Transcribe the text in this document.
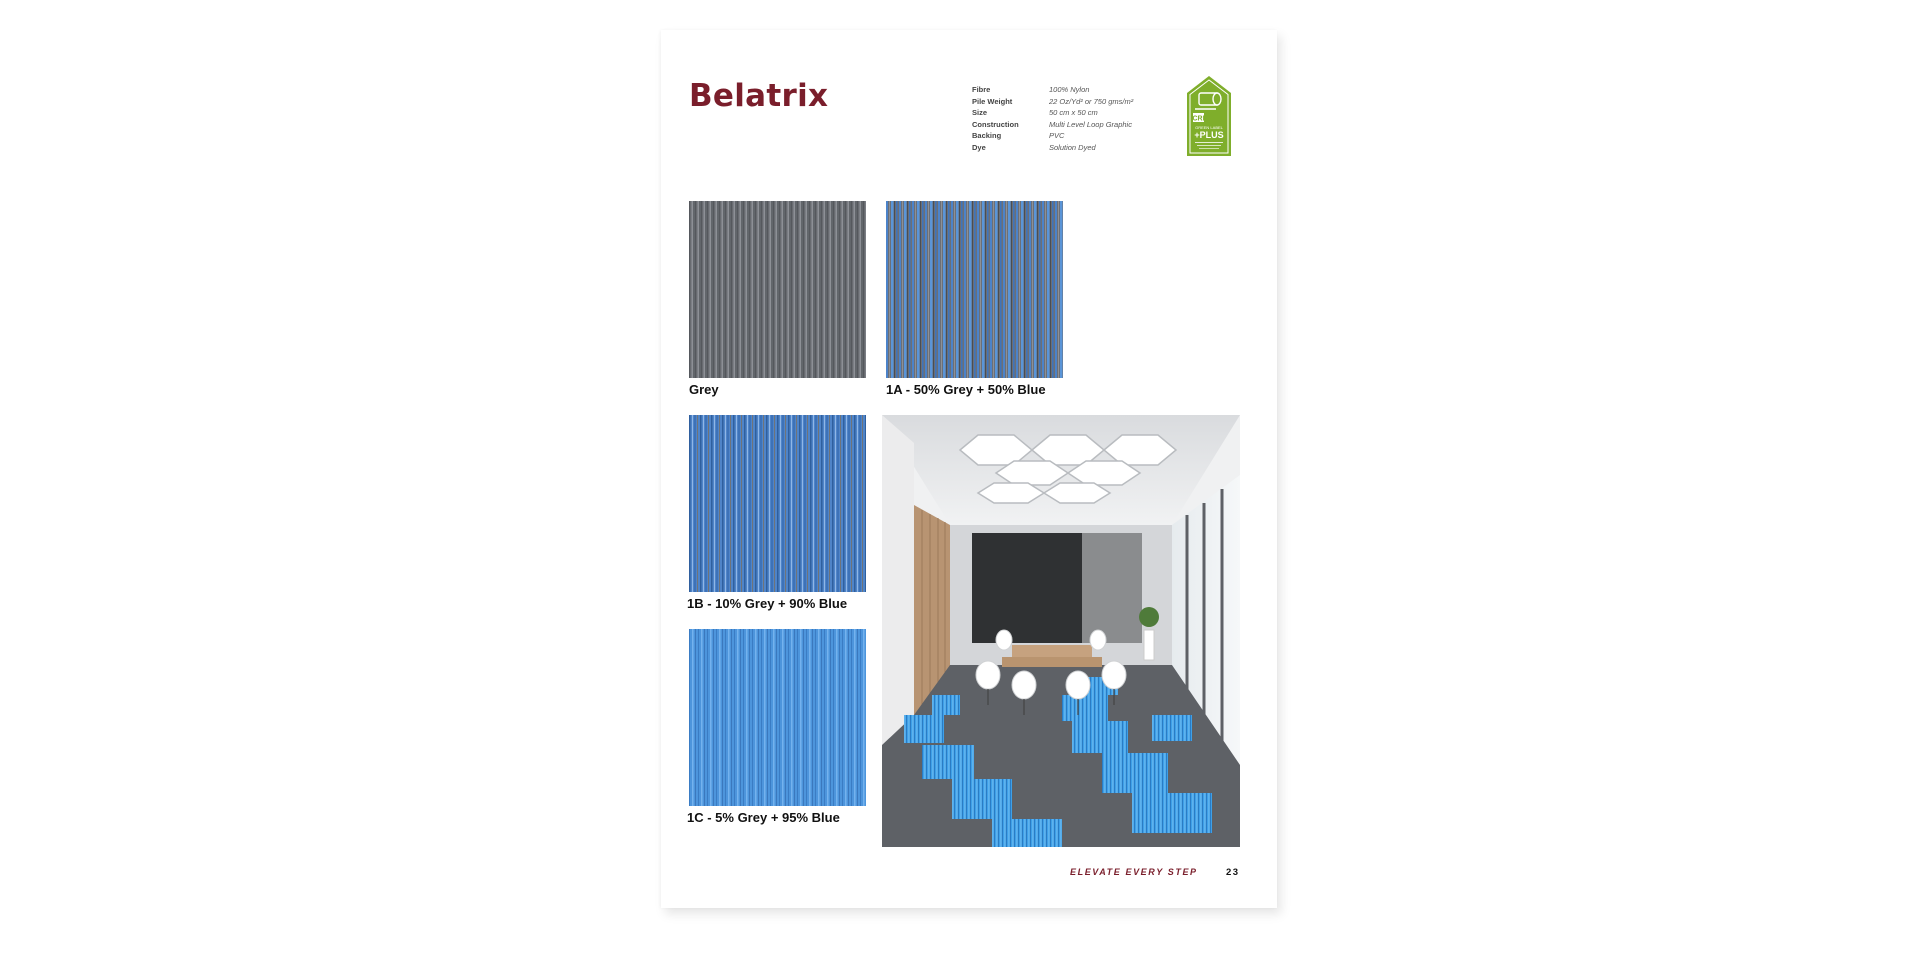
Belatrix	Fibre	100% Nylon
Pile Weight	22 Oz/Yd² or 750 gms/m²
Size	50 cm x 50 cm
Construction	Multi Level Loop Graphic
Backing	PVC
Dye	Solution Dyed
CRI
GREEN LABEL
+PLUS
Grey	1A - 50% Grey + 50% Blue
1B - 10% Grey + 90% Blue
1C - 5% Grey + 95% Blue
ELEVATE EVERY STEP	23
